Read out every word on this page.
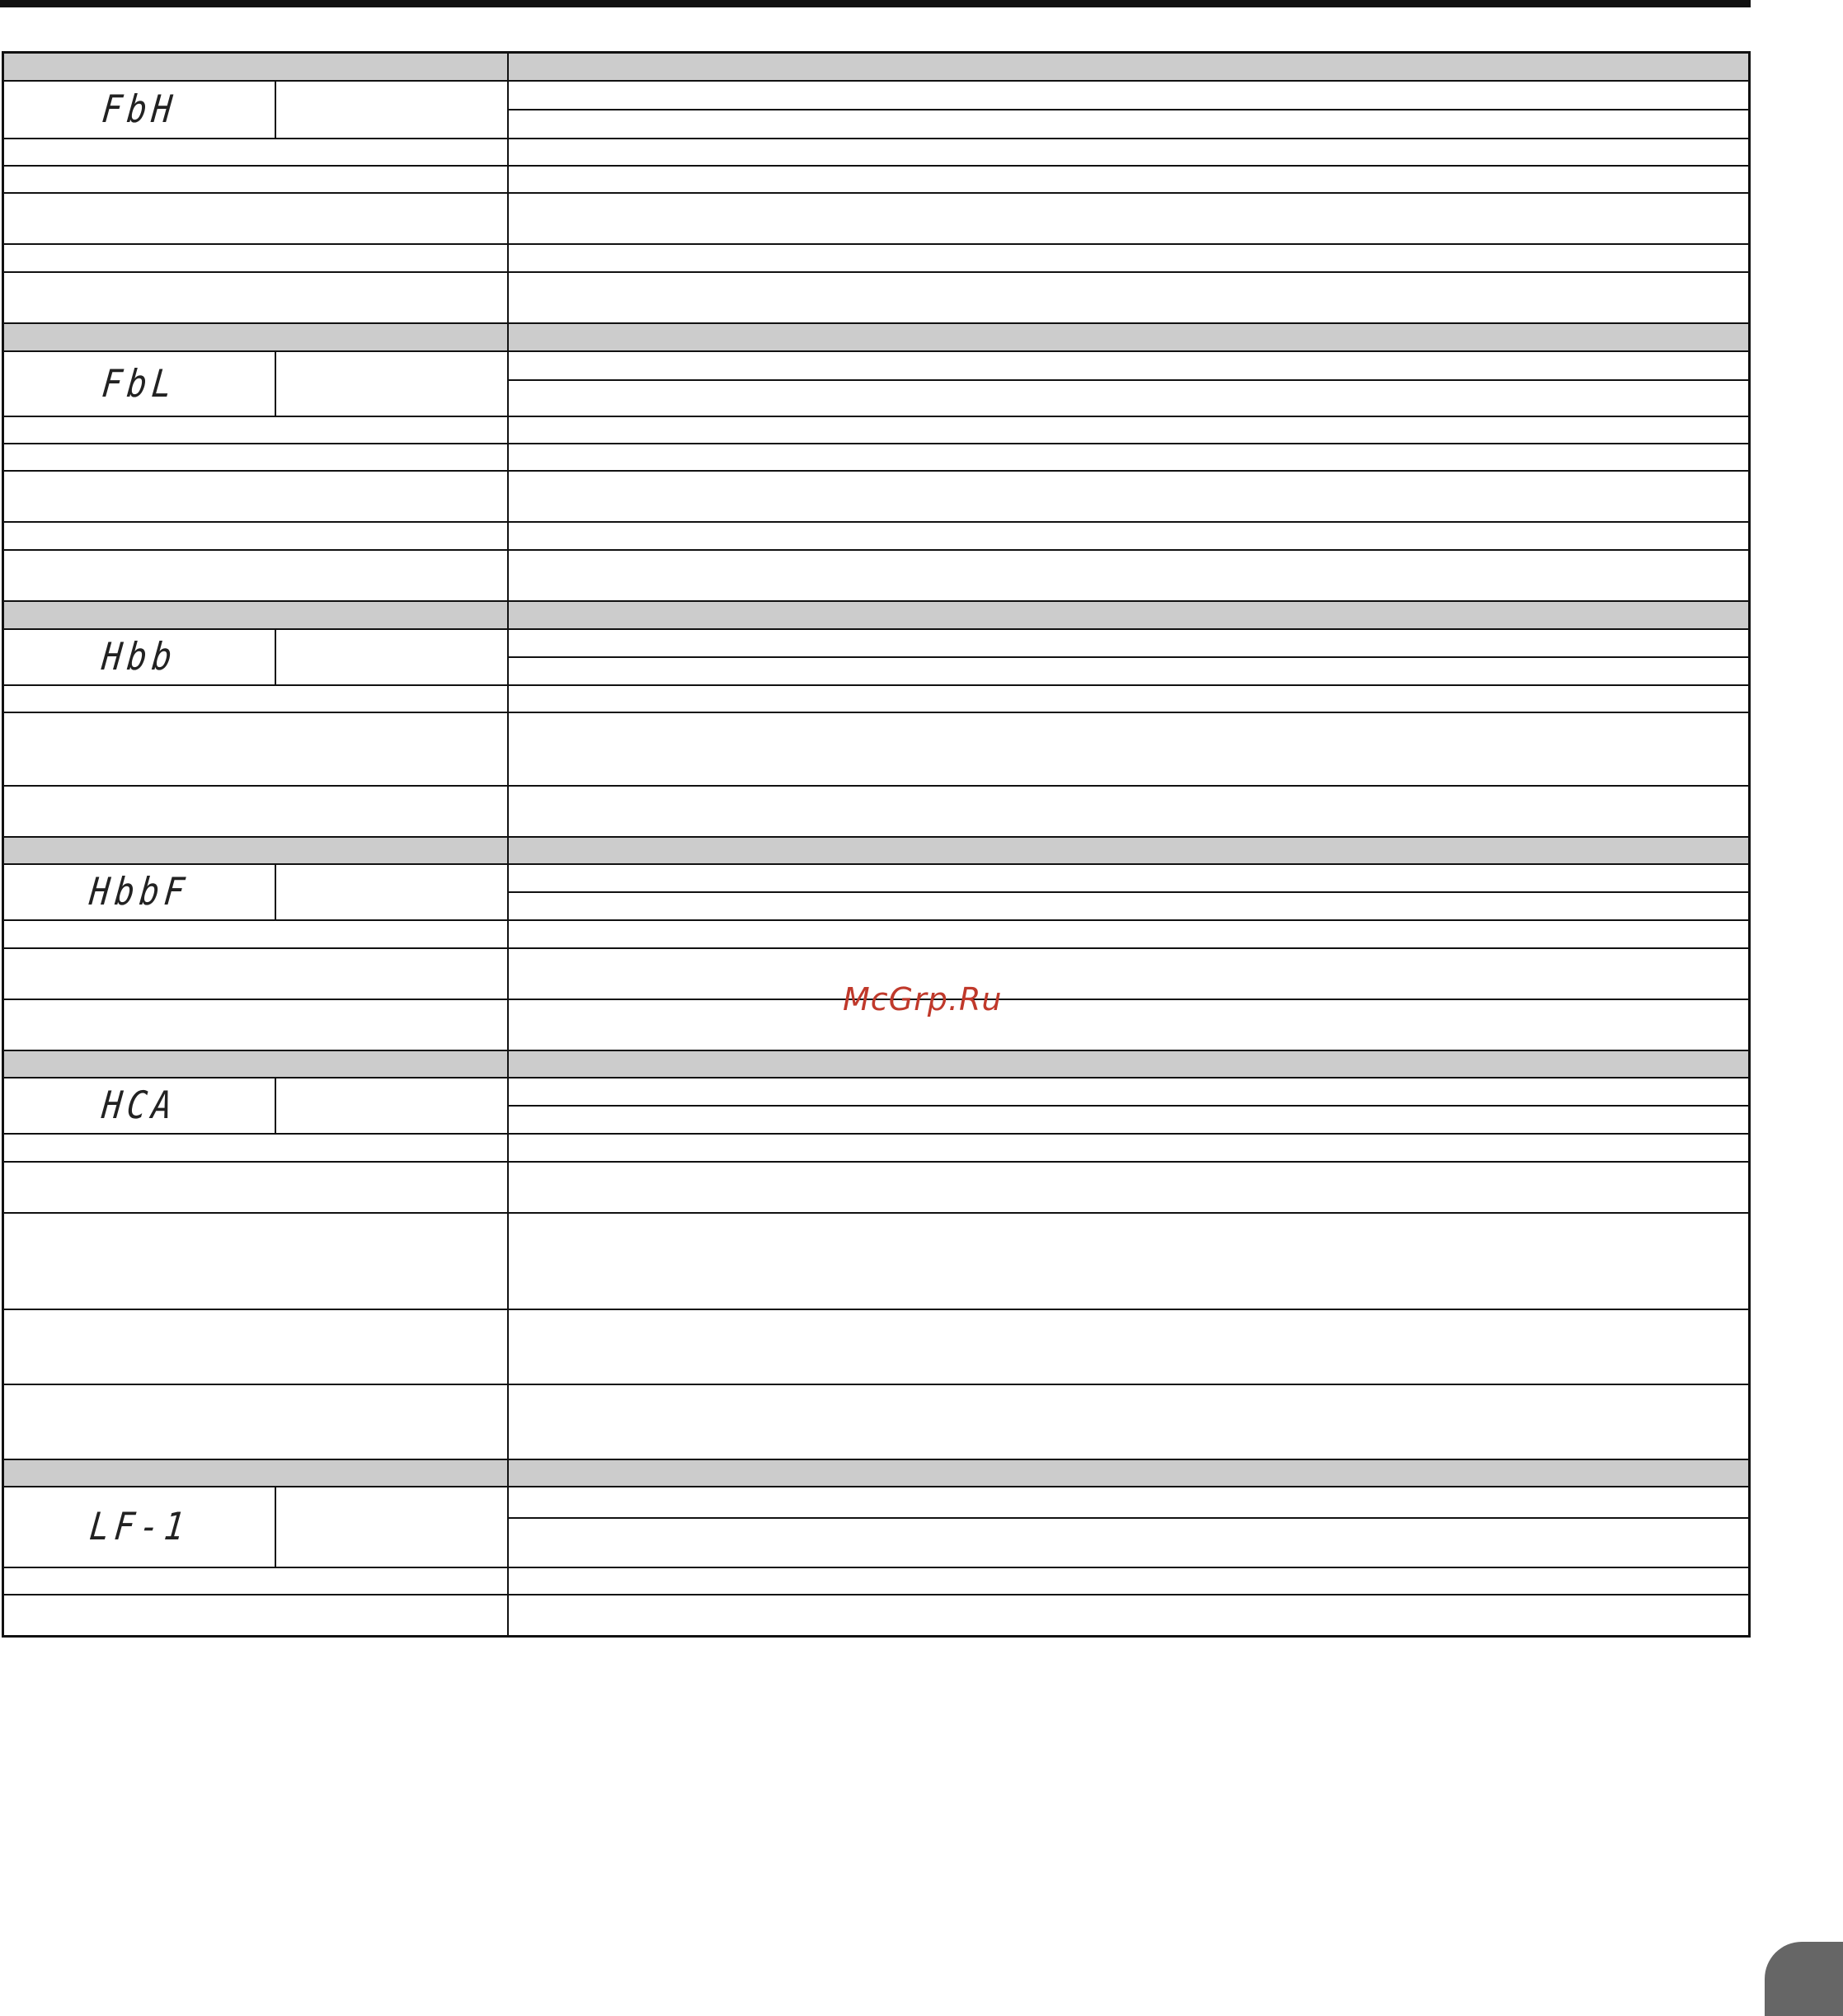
FbH
FbL
Hbb
HbbF
HCA
LF-1
McGrp.Ru
